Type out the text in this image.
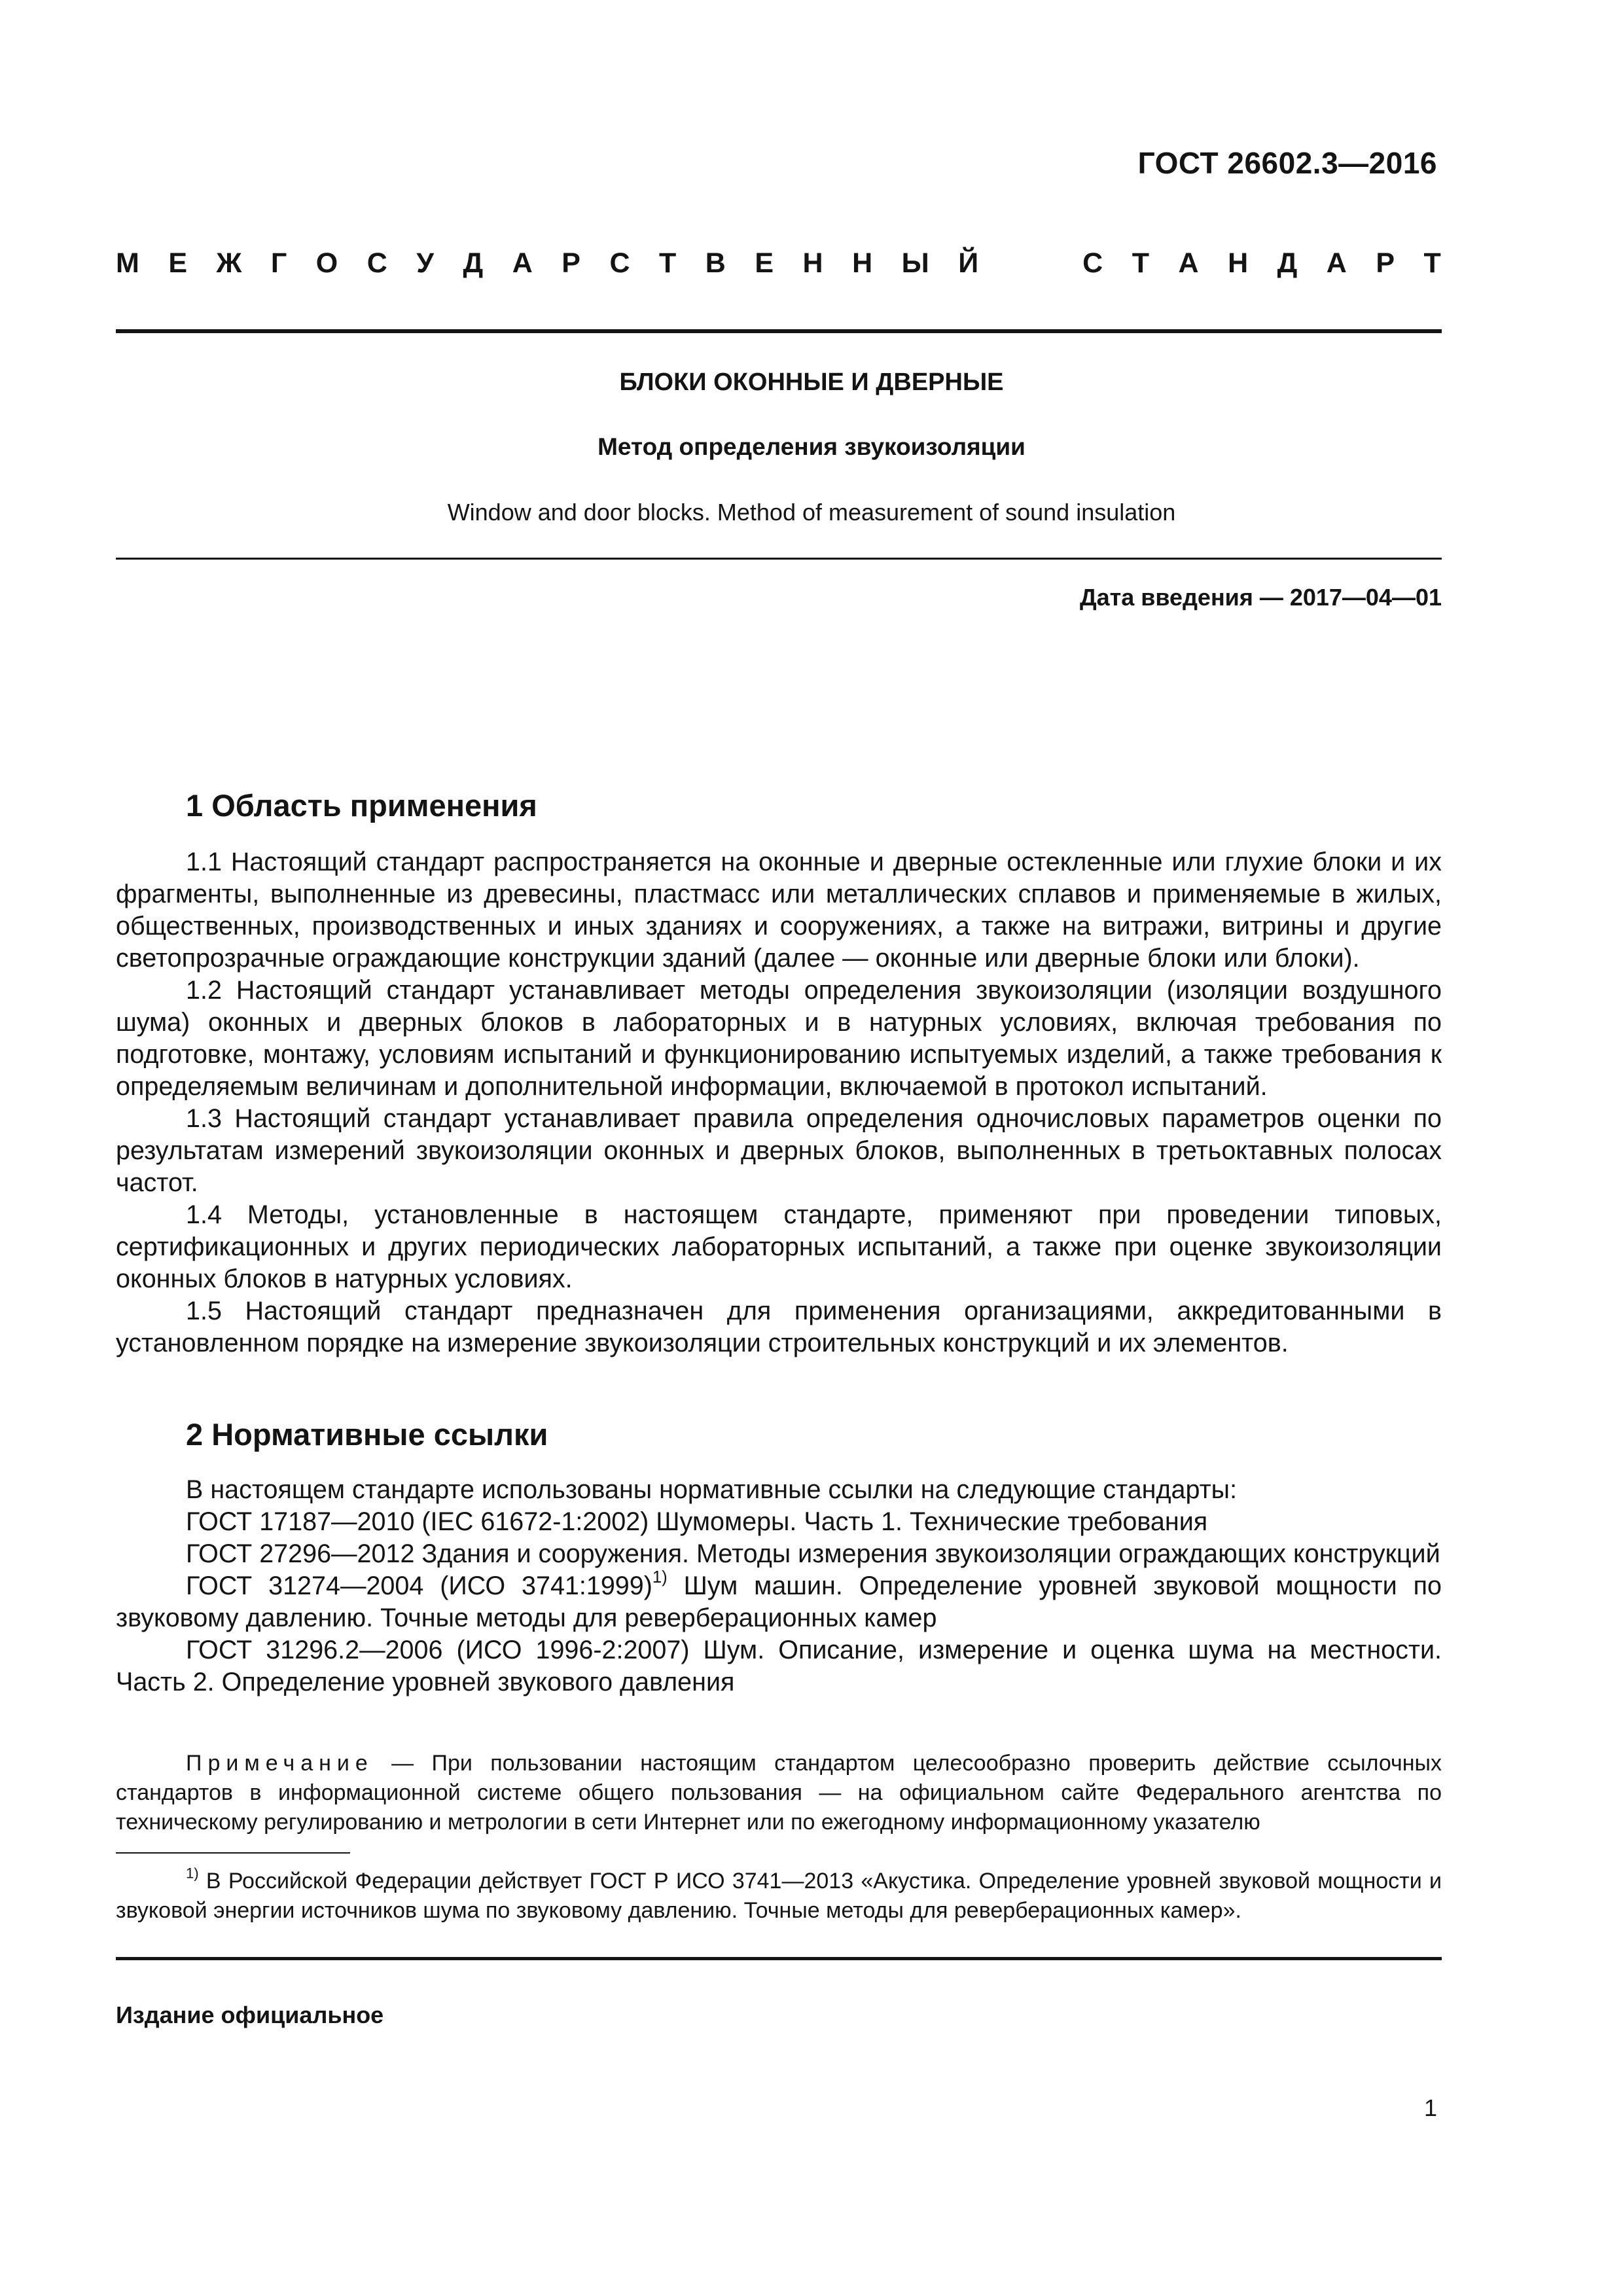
ГОСТ 26602.3—2016
М Е Ж Г О С У Д А Р С Т В Е Н Н Ы Й	С Т А Н Д А Р Т
БЛОКИ ОКОННЫЕ И ДВЕРНЫЕ
Метод определения звукоизоляции
Window and door blocks. Method of measurement of sound insulation
Дата введения — 2017—04—01
1 Область применения

1.1 Настоящий стандарт распространяется на оконные и дверные остекленные или глухие блоки и их фрагменты, выполненные из древесины, пластмасс или металлических сплавов и применяемые в жилых, общественных, производственных и иных зданиях и сооружениях, а также на витражи, витрины и другие светопрозрачные ограждающие конструкции зданий (далее — оконные или дверные блоки или блоки).

1.2 Настоящий стандарт устанавливает методы определения звукоизоляции (изоляции воздушного шума) оконных и дверных блоков в лабораторных и в натурных условиях, включая требования по подготовке, монтажу, условиям испытаний и функционированию испытуемых изделий, а также требования к определяемым величинам и дополнительной информации, включаемой в протокол испытаний.

1.3 Настоящий стандарт устанавливает правила определения одночисловых параметров оценки по результатам измерений звукоизоляции оконных и дверных блоков, выполненных в третьоктавных полосах частот.

1.4 Методы, установленные в настоящем стандарте, применяют при проведении типовых, сертификационных и других периодических лабораторных испытаний, а также при оценке звукоизоляции оконных блоков в натурных условиях.

1.5 Настоящий стандарт предназначен для применения организациями, аккредитованными в установленном порядке на измерение звукоизоляции строительных конструкций и их элементов.

2 Нормативные ссылки

В настоящем стандарте использованы нормативные ссылки на следующие стандарты:

ГОСТ 17187—2010 (IEC 61672-1:2002) Шумомеры. Часть 1. Технические требования

ГОСТ 27296—2012 Здания и сооружения. Методы измерения звукоизоляции ограждающих конструкций

ГОСТ 31274—2004 (ИСО 3741:1999)$^{1)}$ Шум машин. Определение уровней звуковой мощности по звуковому давлению. Точные методы для реверберационных камер

ГОСТ 31296.2—2006 (ИСО 1996-2:2007) Шум. Описание, измерение и оценка шума на местности. Часть 2. Определение уровней звукового давления

Примечание — При пользовании настоящим стандартом целесообразно проверить действие ссылочных стандартов в информационной системе общего пользования — на официальном сайте Федерального агентства по техническому регулированию и метрологии в сети Интернет или по ежегодному информационному указателю
$^{1)}$ В Российской Федерации действует ГОСТ Р ИСО 3741—2013 «Акустика. Определение уровней звуковой мощности и звуковой энергии источников шума по звуковому давлению. Точные методы для реверберационных камер».
Издание официальное
1
